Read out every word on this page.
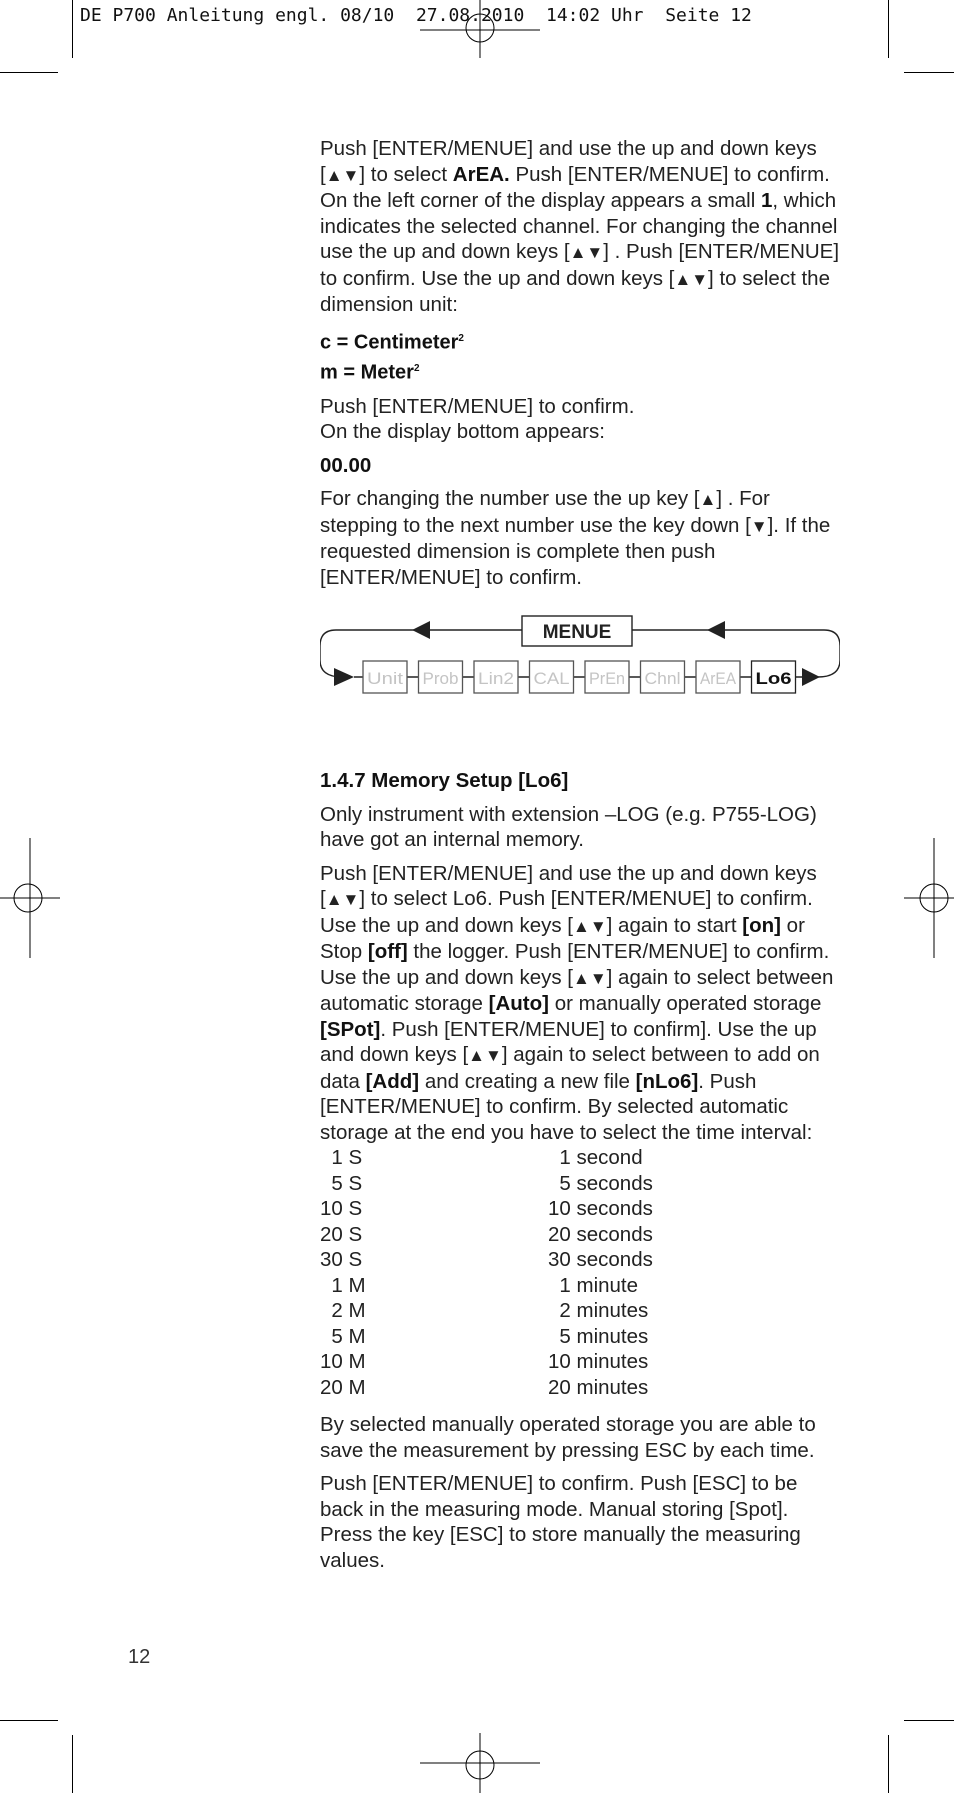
DE P700 Anleitung engl. 08/10  27.08.2010  14:02 Uhr  Seite 12

Push [ENTER/MENUE] and use the up and down keys [▲▼] to select ArEA. Push [ENTER/MENUE] to confirm. On the left corner of the display appears a small 1, which indicates the selected channel. For changing the channel use the up and down keys [▲▼] . Push [ENTER/MENUE] to confirm. Use the up and down keys [▲▼] to select the dimension unit:

c = Centimeter$^2$
m = Meter$^2$

Push [ENTER/MENUE] to confirm.
On the display bottom appears:

00.00

For changing the number use the up key [▲] . For stepping to the next number use the key down [▼]. If the requested dimension is complete then push [ENTER/MENUE] to confirm.

MENUE
Unit Prob Lin2 CAL PrEn Chnl ArEA Lo6

1.4.7 Memory Setup [Lo6]

Only instrument with extension –LOG (e.g. P755-LOG) have got an internal memory.

Push [ENTER/MENUE] and use the up and down keys [▲▼] to select Lo6. Push [ENTER/MENUE] to confirm. Use the up and down keys [▲▼] again to start [on] or Stop [off] the logger. Push [ENTER/MENUE] to confirm. Use the up and down keys [▲▼] again to select between automatic storage [Auto] or manually operated storage [SPot]. Push [ENTER/MENUE] to confirm]. Use the up and down keys [▲▼] again to select between to add on data [Add] and creating a new file [nLo6]. Push [ENTER/MENUE] to confirm. By selected automatic storage at the end you have to select the time interval:

1 S	1 second
5 S	5 seconds
10 S	10 seconds
20 S	20 seconds
30 S	30 seconds
1 M	1 minute
2 M	2 minutes
5 M	5 minutes
10 M	10 minutes
20 M	20 minutes

By selected manually operated storage you are able to save the measurement by pressing ESC by each time.

Push [ENTER/MENUE] to confirm. Push [ESC] to be back in the measuring mode. Manual storing [Spot]. Press the key [ESC] to store manually the measuring values.

12
